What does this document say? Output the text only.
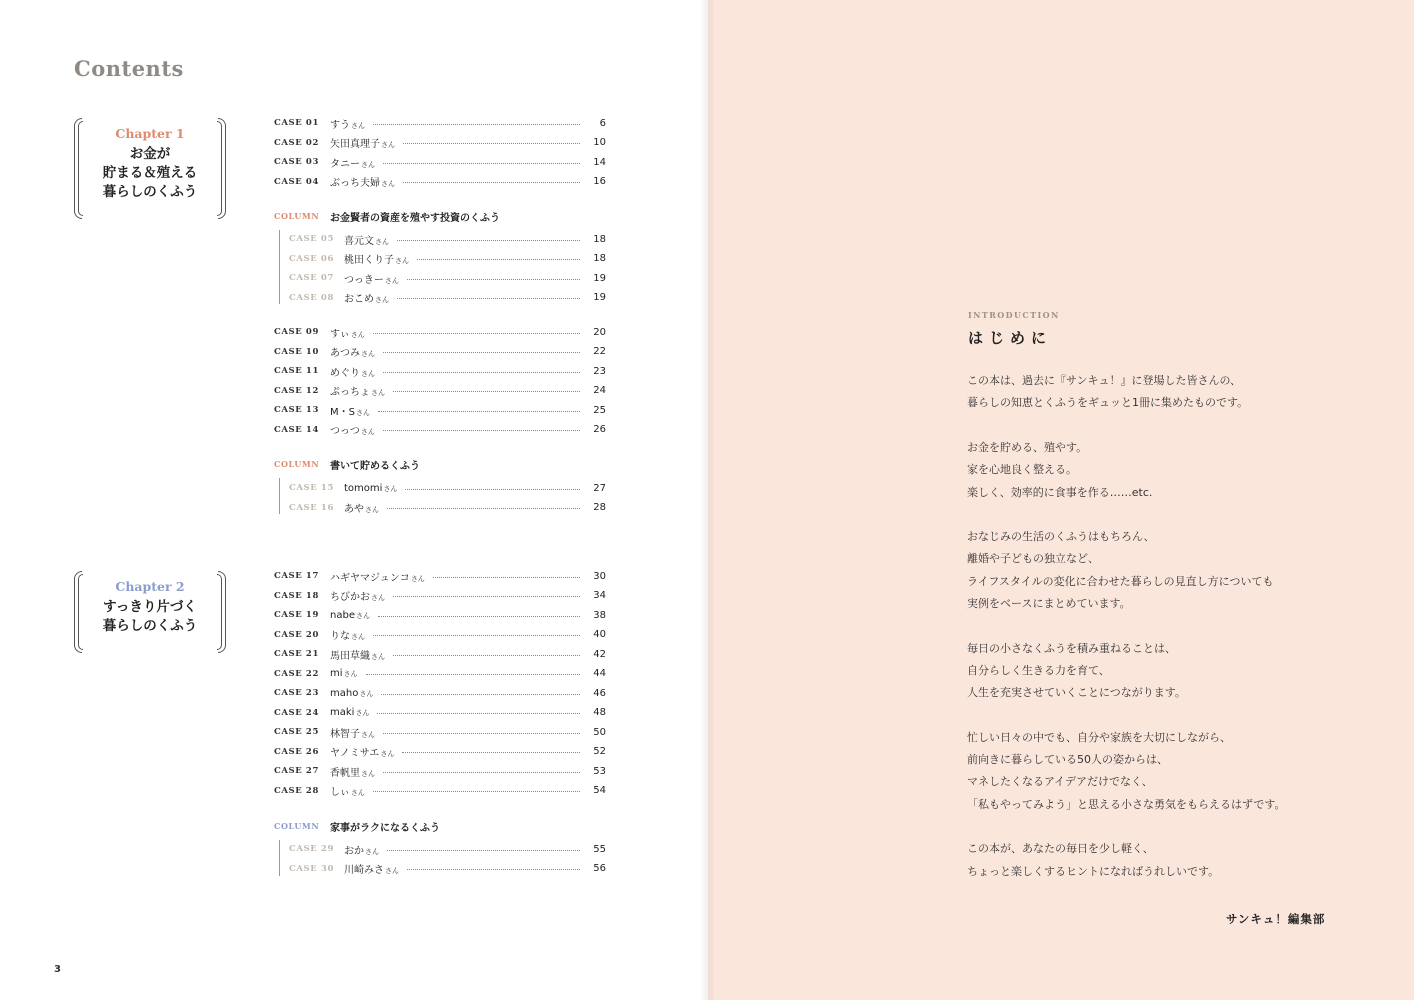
Contents
Chapter 1
お金が
貯まる＆殖える
暮らしのくふう
Chapter 2
すっきり片づく
暮らしのくふう
CASE 01	すうさん	6
CASE 02	矢田真理子さん	10
CASE 03	タニーさん	14
CASE 04	ぶっち夫婦さん	16
COLUMN	お金賢者の資産を殖やす投資のくふう
CASE 05	喜元文さん	18
CASE 06	桃田くり子さん	18
CASE 07	つっきーさん	19
CASE 08	おこめさん	19
CASE 09	すぃさん	20
CASE 10	あつみさん	22
CASE 11	めぐりさん	23
CASE 12	ぷっちょさん	24
CASE 13	M・Sさん	25
CASE 14	つっつさん	26
COLUMN	書いて貯めるくふう
CASE 15	tomomiさん	27
CASE 16	あやさん	28
CASE 17	ハギヤマジュンコさん	30
CASE 18	ちびかおさん	34
CASE 19	nabeさん	38
CASE 20	りなさん	40
CASE 21	馬田草織さん	42
CASE 22	miさん	44
CASE 23	mahoさん	46
CASE 24	makiさん	48
CASE 25	林智子さん	50
CASE 26	ヤノミサエさん	52
CASE 27	香帆里さん	53
CASE 28	しぃさん	54
COLUMN	家事がラクになるくふう
CASE 29	おかさん	55
CASE 30	川崎みささん	56
3
INTRODUCTION
はじめに
この本は、過去に『サンキュ！』に登場した皆さんの、
暮らしの知恵とくふうをギュッと1冊に集めたものです。
お金を貯める、殖やす。
家を心地良く整える。
楽しく、効率的に食事を作る……etc.
おなじみの生活のくふうはもちろん、
離婚や子どもの独立など、
ライフスタイルの変化に合わせた暮らしの見直し方についても
実例をベースにまとめています。
毎日の小さなくふうを積み重ねることは、
自分らしく生きる力を育て、
人生を充実させていくことにつながります。
忙しい日々の中でも、自分や家族を大切にしながら、
前向きに暮らしている50人の姿からは、
マネしたくなるアイデアだけでなく、
「私もやってみよう」と思える小さな勇気をもらえるはずです。
この本が、あなたの毎日を少し軽く、
ちょっと楽しくするヒントになればうれしいです。
サンキュ！編集部
